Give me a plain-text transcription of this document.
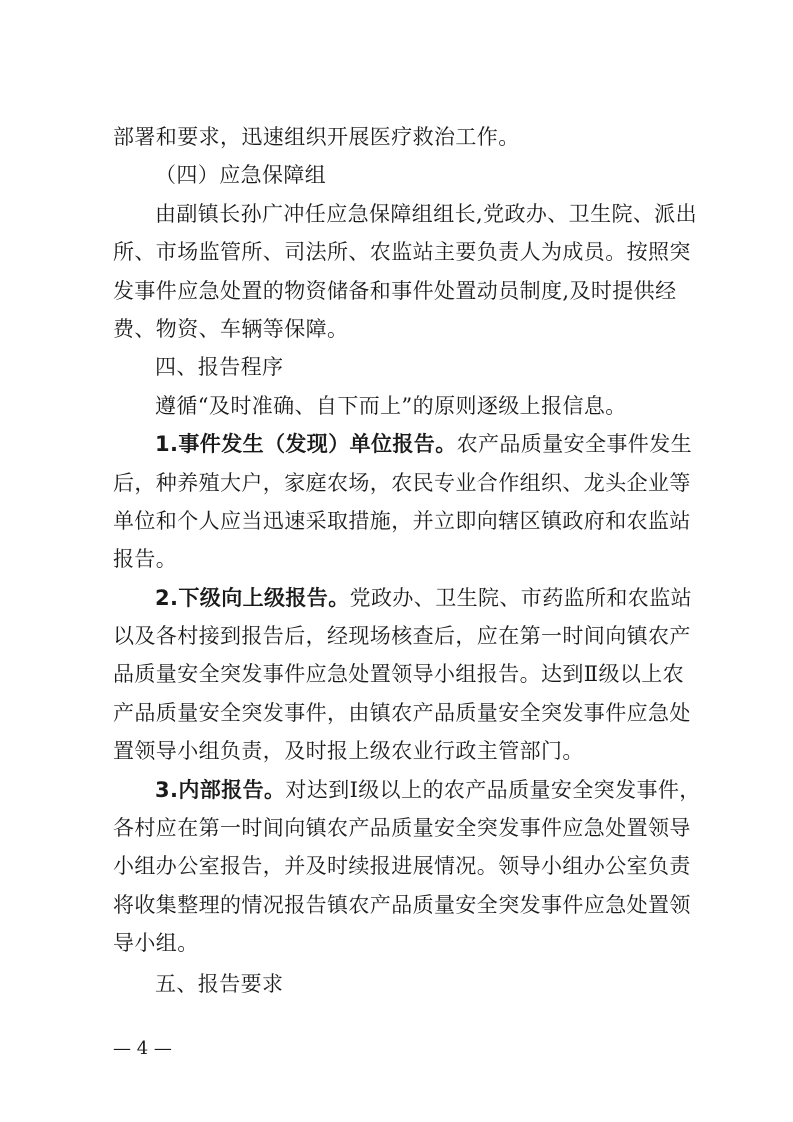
部署和要求，迅速组织开展医疗救治工作。
（四）应急保障组
由副镇长孙广冲任应急保障组组长,党政办、卫生院、派出
所、市场监管所、司法所、农监站主要负责人为成员。按照突
发事件应急处置的物资储备和事件处置动员制度,及时提供经
费、物资、车辆等保障。
四、报告程序
遵循“及时准确、自下而上”的原则逐级上报信息。
1.事件发生（发现）单位报告。农产品质量安全事件发生
后，种养殖大户，家庭农场，农民专业合作组织、龙头企业等
单位和个人应当迅速采取措施，并立即向辖区镇政府和农监站
报告。
2.下级向上级报告。党政办、卫生院、市药监所和农监站
以及各村接到报告后，经现场核查后，应在第一时间向镇农产
品质量安全突发事件应急处置领导小组报告。达到Ⅱ级以上农
产品质量安全突发事件，由镇农产品质量安全突发事件应急处
置领导小组负责，及时报上级农业行政主管部门。
3.内部报告。对达到Ⅰ级以上的农产品质量安全突发事件，
各村应在第一时间向镇农产品质量安全突发事件应急处置领导
小组办公室报告，并及时续报进展情况。领导小组办公室负责
将收集整理的情况报告镇农产品质量安全突发事件应急处置领
导小组。
五、报告要求
— 4 —
